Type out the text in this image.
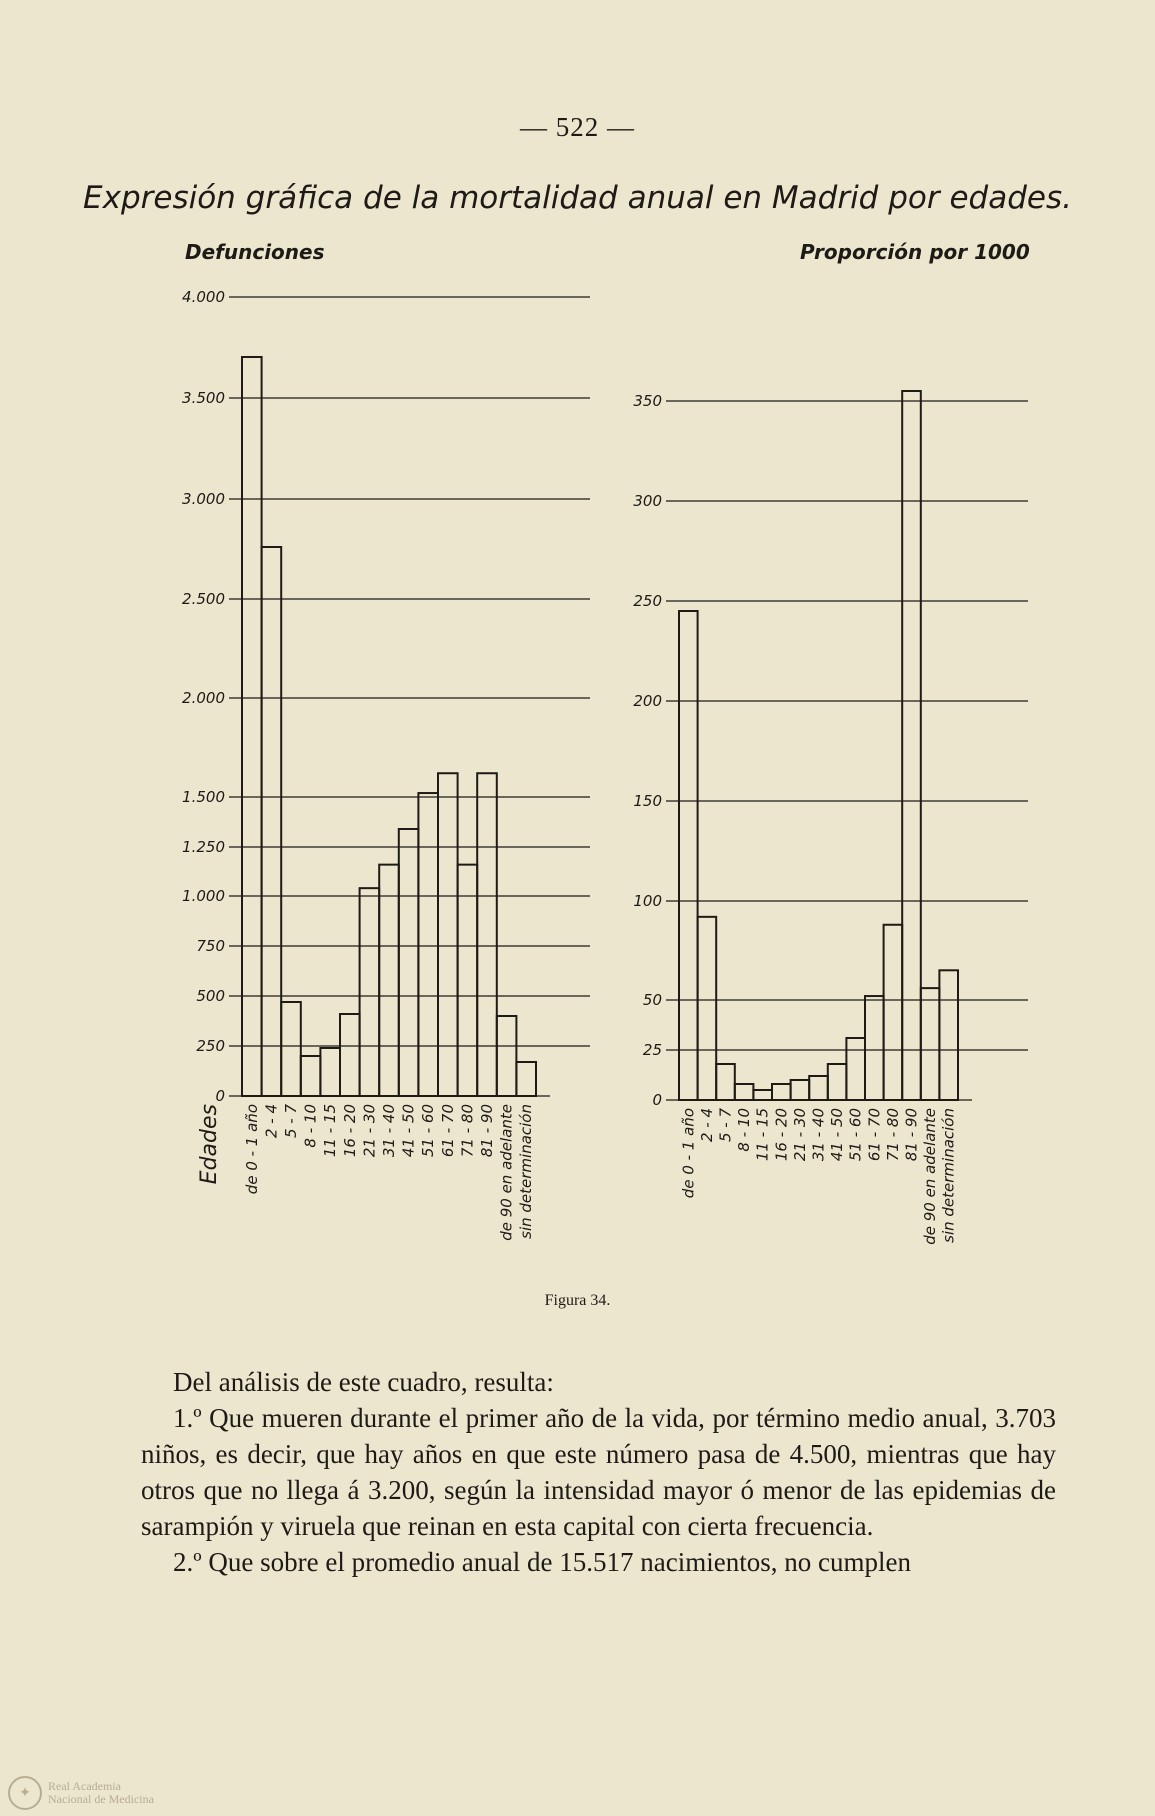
— 522 —
Expresión gráfica de la mortalidad anual en Madrid por edades.
Defunciones	Proporción por 1000
0
250
500
750
1.000
1.250
1.500
2.000
2.500
3.000
3.500
4.000
de 0 - 1 año 2 - 4 5 - 7 8 - 10 11 - 15 16 - 20 21 - 30 31 - 40 41 - 50 51 - 60 61 - 70 71 - 80 81 - 90 de 90 en adelante sin determinación
Edades
0
25
50
100
150
200
250
300
350
de 0 - 1 año 2 - 4 5 - 7 8 - 10 11 - 15 16 - 20 21 - 30 31 - 40 41 - 50 51 - 60 61 - 70 71 - 80 81 - 90 de 90 en adelante sin determinación
Figura 34.

Del análisis de este cuadro, resulta:

1.º Que mueren durante el primer año de la vida, por término medio anual, 3.703 niños, es decir, que hay años en que este número pasa de 4.500, mientras que hay otros que no llega á 3.200, según la intensidad mayor ó menor de las epidemias de sarampión y viruela que reinan en esta capital con cierta frecuencia.

2.º Que sobre el promedio anual de 15.517 nacimientos, no cumplen

✦	Real Academia
Nacional de Medicina
